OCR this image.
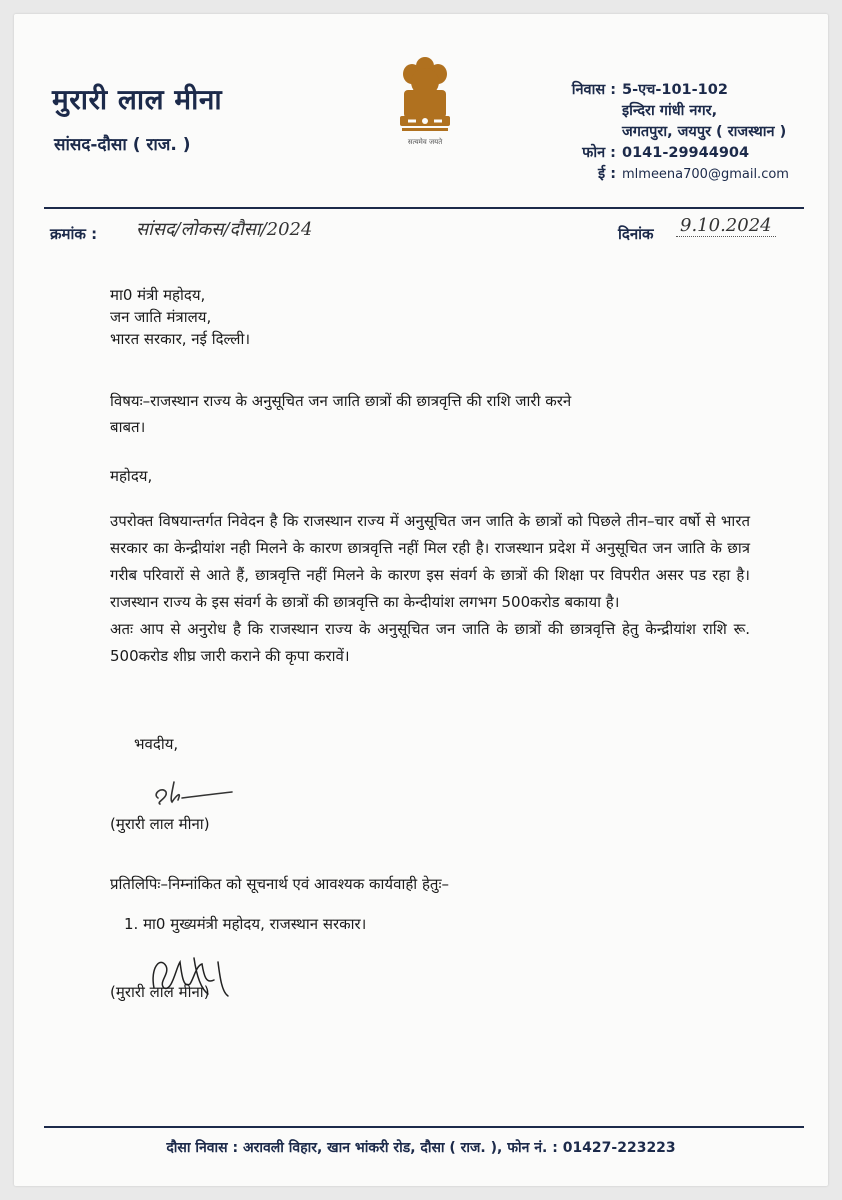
मुरारी लाल मीना
सांसद-दौसा ( राज. )	सत्यमेव जयते
निवास : 5-एच-101-102
इन्दिरा गांधी नगर,
जगतपुरा, जयपुर ( राजस्थान )
फोन : 0141-29944904
ई : mlmeena700@gmail.com
क्रमांक : सांसद/लोकस/दौसा/2024	दिनांक 9.10.2024
मा0 मंत्री महोदय,
जन जाति मंत्रालय,
भारत सरकार, नई दिल्ली।
विषयः–राजस्थान राज्य के अनुसूचित जन जाति छात्रों की छात्रवृत्ति की राशि जारी करने
बाबत।
महोदय,

उपरोक्त विषयान्तर्गत निवेदन है कि राजस्थान राज्य में अनुसूचित जन जाति के छात्रों को पिछले तीन–चार वर्षो से भारत सरकार का केन्द्रीयांश नही मिलने के कारण छात्रवृत्ति नहीं मिल रही है। राजस्थान प्रदेश में अनुसूचित जन जाति के छात्र गरीब परिवारों से आते हैं, छात्रवृत्ति नहीं मिलने के कारण इस संवर्ग के छात्रों की शिक्षा पर विपरीत असर पड रहा है। राजस्थान राज्य के इस संवर्ग के छात्रों की छात्रवृत्ति का केन्दीयांश लगभग 500करोड बकाया है।

अतः आप से अनुरोध है कि राजस्थान राज्य के अनुसूचित जन जाति के छात्रों की छात्रवृत्ति हेतु केन्द्रीयांश राशि रू. 500करोड शीघ्र जारी कराने की कृपा करावें।

भवदीय,
(मुरारी लाल मीना)
प्रतिलिपिः–निम्नांकित को सूचनार्थ एवं आवश्यक कार्यवाही हेतुः–
1. मा0 मुख्यमंत्री महोदय, राजस्थान सरकार।
(मुरारी लाल मीना)
दौसा निवास : अरावली विहार, खान भांकरी रोड, दौसा ( राज. ), फोन नं. : 01427-223223
